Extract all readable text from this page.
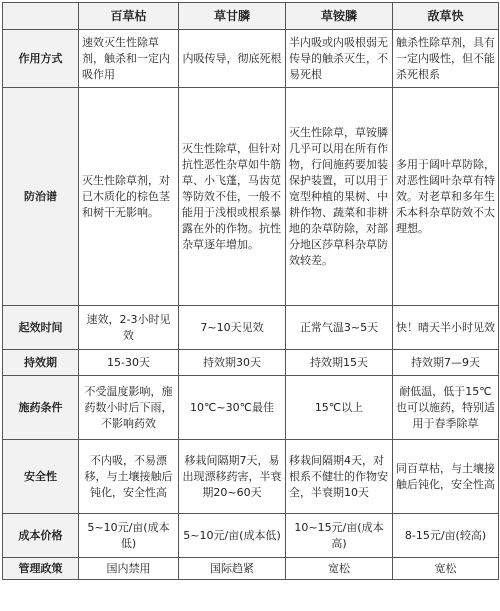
	百草枯	草甘膦	草铵膦	敌草快
作用方式	速效灭生性除草剂，触杀和一定内吸作用	内吸传导，彻底死根	半内吸或内吸根弱无传导的触杀灭生，不易死根	触杀性除草剂，具有一定内吸性，但不能杀死根系
防治谱	灭生性除草剂，对已木质化的棕色茎和树干无影响。	灭生性除草，但针对抗性恶性杂草如牛筋草、小飞蓬，马齿苋等防效不佳，一般不能用于浅根或根系暴露在外的作物。抗性杂草逐年增加。	灭生性除草，草铵膦几乎可以用在所有作物，行间施药要加装保护装置，可以用于宽型种植的果树、中耕作物、蔬菜和非耕地的杂草防除，对部分地区莎草科杂草防效较差。	多用于阔叶草防除，对恶性阔叶杂草有特效。对老草和多年生禾本科杂草防效不太理想。
起效时间	速效，2-3小时见效	7~10天见效	正常气温3~5天	快！晴天半小时见效
持效期	15-30天	持效期30天	持效期15天	持效期7—9天
施药条件	不受温度影响，施药数小时后下雨，不影响药效	10℃~30℃最佳	15℃以上	耐低温，低于15℃也可以施药，特别适用于春季除草
安全性	不内吸，不易漂移，与土壤接触后钝化，安全性高	移栽间隔期7天，易出现漂移药害，半衰期20~60天	移栽间隔期4天，对根系不健壮的作物安全，半衰期10天	同百草枯，与土壤接触后钝化，安全性高
成本价格	5~10元/亩(成本低)	5~10元/亩(成本低)	10~15元/亩(成本高)	8-15元/亩(较高)
管理政策	国内禁用	国际趋紧	宽松	宽松
